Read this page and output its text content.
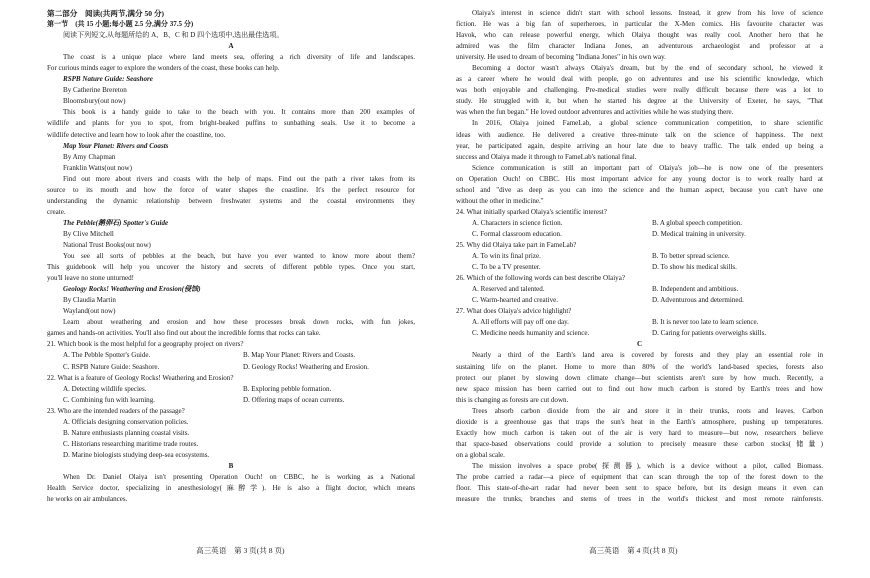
第二部分　阅读(共两节,满分 50 分)
第一节　(共 15 小题;每小题 2.5 分,满分 37.5 分)
阅读下列短文,从每题所给的 A、B、C 和 D 四个选项中,选出最佳选项。
A
The coast is a unique place where land meets sea, offering a rich diversity of life and landscapes.
For curious minds eager to explore the wonders of the coast, these books can help.
RSPB Nature Guide: Seashore
By Catherine Brereton
Bloomsbury(out now)
This book is a handy guide to take to the beach with you. It contains more than 200 examples of
wildlife and plants for you to spot, from bright-beaked puffins to sunbathing seals. Use it to become a
wildlife detective and learn how to look after the coastline, too.
Map Your Planet: Rivers and Coasts
By Amy Chapman
Franklin Watts(out now)
Find out more about rivers and coasts with the help of maps. Find out the path a river takes from its
source to its mouth and how the force of water shapes the coastline. It's the perfect resource for
understanding the dynamic relationship between freshwater systems and the coastal environments they
create.
The Pebble(鹅卵石) Spotter's Guide
By Clive Mitchell
National Trust Books(out now)
You see all sorts of pebbles at the beach, but have you ever wanted to know more about them?
This guidebook will help you uncover the history and secrets of different pebble types. Once you start,
you'll leave no stone unturned!
Geology Rocks! Weathering and Erosion(侵蚀)
By Claudia Martin
Wayland(out now)
Learn about weathering and erosion and how these processes break down rocks, with fun jokes,
games and hands-on activities. You'll also find out about the incredible forms that rocks can take.
21. Which book is the most helpful for a geography project on rivers?
A. The Pebble Spotter's Guide.	B. Map Your Planet: Rivers and Coasts.
C. RSPB Nature Guide: Seashore.	D. Geology Rocks! Weathering and Erosion.
22. What is a feature of Geology Rocks! Weathering and Erosion?
A. Detecting wildlife species.	B. Exploring pebble formation.
C. Combining fun with learning.	D. Offering maps of ocean currents.
23. Who are the intended readers of the passage?
A. Officials designing conservation policies.
B. Nature enthusiasts planning coastal visits.
C. Historians researching maritime trade routes.
D. Marine biologists studying deep-sea ecosystems.
B
When Dr. Daniel Olaiya isn't presenting Operation Ouch! on CBBC, he is working as a National
Health Service doctor, specializing in anesthesiology(麻醉学). He is also a flight doctor, which means
he works on air ambulances.
Olaiya's interest in science didn't start with school lessons. Instead, it grew from his love of science
fiction. He was a big fan of superheroes, in particular the X-Men comics. His favourite character was
Havok, who can release powerful energy, which Olaiya thought was really cool. Another hero that he
admired was the film character Indiana Jones, an adventurous archaeologist and professor at a
university. He used to dream of becoming "Indiana Jones" in his own way.
Becoming a doctor wasn't always Olaiya's dream, but by the end of secondary school, he viewed it
as a career where he would deal with people, go on adventures and use his scientific knowledge, which
was both enjoyable and challenging. Pre-medical studies were really difficult because there was a lot to
study. He struggled with it, but when he started his degree at the University of Exeter, he says, "That
was when the fun began." He loved outdoor adventures and activities while he was studying there.
In 2016, Olaiya joined FameLab, a global science communication competition, to share scientific
ideas with audience. He delivered a creative three-minute talk on the science of happiness. The next
year, he participated again, despite arriving an hour late due to heavy traffic. The talk ended up being a
success and Olaiya made it through to FameLab's national final.
Science communication is still an important part of Olaiya's job—he is now one of the presenters
on Operation Ouch! on CBBC. His most important advice for any young doctor is to work really hard at
school and "dive as deep as you can into the science and the human aspect, because you can't have one
without the other in medicine."
24. What initially sparked Olaiya's scientific interest?
A. Characters in science fiction.	B. A global speech competition.
C. Formal classroom education.	D. Medical training in university.
25. Why did Olaiya take part in FameLab?
A. To win its final prize.	B. To better spread science.
C. To be a TV presenter.	D. To show his medical skills.
26. Which of the following words can best describe Olaiya?
A. Reserved and talented.	B. Independent and ambitious.
C. Warm-hearted and creative.	D. Adventurous and determined.
27. What does Olaiya's advice highlight?
A. All efforts will pay off one day.	B. It is never too late to learn science.
C. Medicine needs humanity and science.	D. Caring for patients overweighs skills.
C
Nearly a third of the Earth's land area is covered by forests and they play an essential role in
sustaining life on the planet. Home to more than 80% of the world's land-based species, forests also
protect our planet by slowing down climate change—but scientists aren't sure by how much. Recently, a
new space mission has been carried out to find out how much carbon is stored by Earth's trees and how
this is changing as forests are cut down.
Trees absorb carbon dioxide from the air and store it in their trunks, roots and leaves. Carbon
dioxide is a greenhouse gas that traps the sun's heat in the Earth's atmosphere, pushing up temperatures.
Exactly how much carbon is taken out of the air is very hard to measure—but now, researchers believe
that space-based observations could provide a solution to precisely measure these carbon stocks(储量)
on a global scale.
The mission involves a space probe(探测器), which is a device without a pilot, called Biomass.
The probe carried a radar—a piece of equipment that can scan through the top of the forest down to the
floor. This state-of-the-art radar had never been sent to space before, but its design means it even can
measure the trunks, branches and stems of trees in the world's thickest and most remote rainforests.
高三英语　第 3 页(共 8 页)	高三英语　第 4 页(共 8 页)
